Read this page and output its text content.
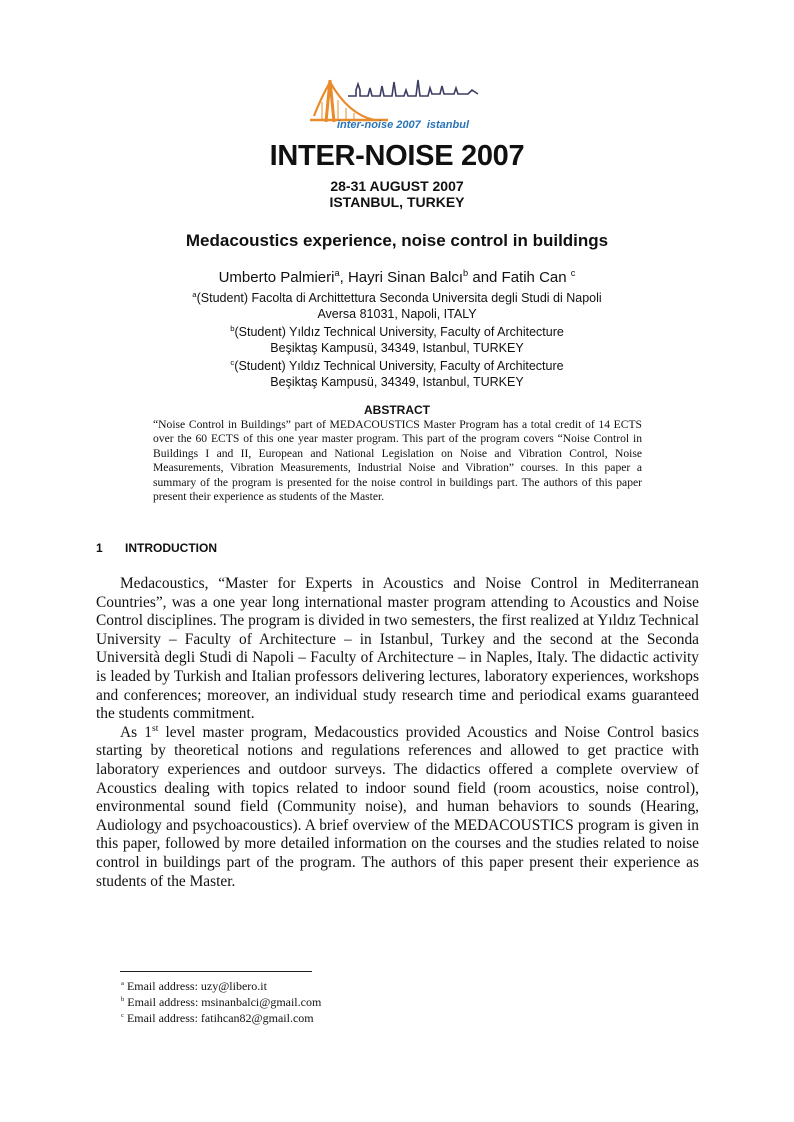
inter-noise 2007  istanbul
INTER-NOISE 2007
28-31 AUGUST 2007
ISTANBUL, TURKEY
Medacoustics experience, noise control in buildings
Umberto Palmieri$^a$, Hayri Sinan Balcı$^b$ and Fatih Can $^c$
$^a$(Student) Facolta di Archittettura Seconda Universita degli Studi di Napoli
Aversa 81031, Napoli, ITALY
$^b$(Student) Yıldız Technical University, Faculty of Architecture
Beşiktaş Kampusü, 34349, Istanbul, TURKEY
$^c$(Student) Yıldız Technical University, Faculty of Architecture
Beşiktaş Kampusü, 34349, Istanbul, TURKEY
ABSTRACT

“Noise Control in Buildings” part of MEDACOUSTICS Master Program has a total credit of 14 ECTS over the 60 ECTS of this one year master program. This part of the program covers “Noise Control in Buildings I and II, European and National Legislation on Noise and Vibration Control, Noise Measurements, Vibration Measurements, Industrial Noise and Vibration” courses. In this paper a summary of the program is presented for the noise control in buildings part. The authors of this paper present their experience as students of the Master.

1 INTRODUCTION

Medacoustics, “Master for Experts in Acoustics and Noise Control in Mediterranean Countries”, was a one year long international master program attending to Acoustics and Noise Control disciplines. The program is divided in two semesters, the first realized at Yıldız Technical University – Faculty of Architecture – in Istanbul, Turkey and the second at the Seconda Università degli Studi di Napoli – Faculty of Architecture – in Naples, Italy. The didactic activity is leaded by Turkish and Italian professors delivering lectures, laboratory experiences, workshops and conferences; moreover, an individual study research time and periodical exams guaranteed the students commitment.

As 1st level master program, Medacoustics provided Acoustics and Noise Control basics starting by theoretical notions and regulations references and allowed to get practice with laboratory experiences and outdoor surveys. The didactics offered a complete overview of Acoustics dealing with topics related to indoor sound field (room acoustics, noise control), environmental sound field (Community noise), and human behaviors to sounds (Hearing, Audiology and psychoacoustics). A brief overview of the MEDACOUSTICS program is given in this paper, followed by more detailed information on the courses and the studies related to noise control in buildings part of the program. The authors of this paper present their experience as students of the Master.

$^a$ Email address: uzy@libero.it
$^b$ Email address: msinanbalci@gmail.com
$^c$ Email address: fatihcan82@gmail.com
